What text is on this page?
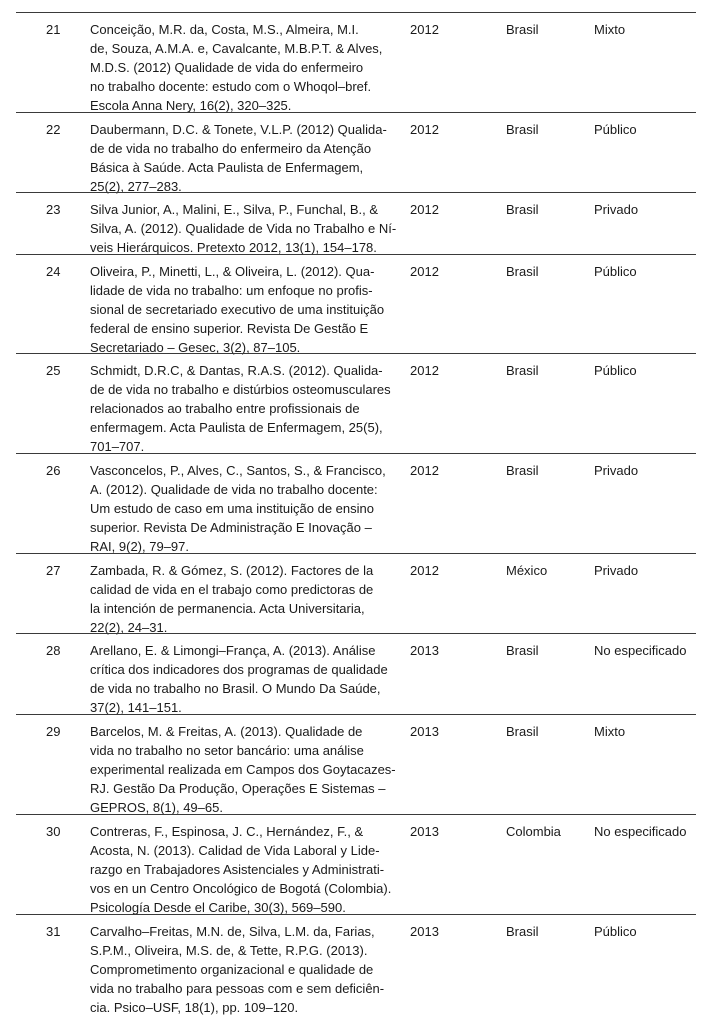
21 Conceição, M.R. da, Costa, M.S., Almeira, M.I.
de, Souza, A.M.A. e, Cavalcante, M.B.P.T. & Alves,
M.D.S. (2012) Qualidade de vida do enfermeiro
no trabalho docente: estudo com o Whoqol–bref.
Escola Anna Nery, 16(2), 320–325.
2012	Brasil	Mixto
22 Daubermann, D.C. & Tonete, V.L.P. (2012) Qualida-
de de vida no trabalho do enfermeiro da Atenção
Básica à Saúde. Acta Paulista de Enfermagem,
25(2), 277–283.
2012	Brasil	Público
23 Silva Junior, A., Malini, E., Silva, P., Funchal, B., &
Silva, A. (2012). Qualidade de Vida no Trabalho e Ní-
veis Hierárquicos. Pretexto 2012, 13(1), 154–178.
2012	Brasil	Privado
24 Oliveira, P., Minetti, L., & Oliveira, L. (2012). Qua-
lidade de vida no trabalho: um enfoque no profis-
sional de secretariado executivo de uma instituição
federal de ensino superior. Revista De Gestão E
Secretariado – Gesec, 3(2), 87–105.
2012	Brasil	Público
25 Schmidt, D.R.C, & Dantas, R.A.S. (2012). Qualida-
de de vida no trabalho e distúrbios osteomusculares
relacionados ao trabalho entre profissionais de
enfermagem. Acta Paulista de Enfermagem, 25(5),
701–707.
2012	Brasil	Público
26 Vasconcelos, P., Alves, C., Santos, S., & Francisco,
A. (2012). Qualidade de vida no trabalho docente:
Um estudo de caso em uma instituição de ensino
superior. Revista De Administração E Inovação –
RAI, 9(2), 79–97.
2012	Brasil	Privado
27 Zambada, R. & Gómez, S. (2012). Factores de la
calidad de vida en el trabajo como predictoras de
la intención de permanencia. Acta Universitaria,
22(2), 24–31.
2012	México	Privado
28 Arellano, E. & Limongi–França, A. (2013). Análise
crítica dos indicadores dos programas de qualidade
de vida no trabalho no Brasil. O Mundo Da Saúde,
37(2), 141–151.
2013	Brasil	No especificado
29 Barcelos, M. & Freitas, A. (2013). Qualidade de
vida no trabalho no setor bancário: uma análise
experimental realizada em Campos dos Goytacazes-
RJ. Gestão Da Produção, Operações E Sistemas –
GEPROS, 8(1), 49–65.
2013	Brasil	Mixto
30 Contreras, F., Espinosa, J. C., Hernández, F., &
Acosta, N. (2013). Calidad de Vida Laboral y Lide-
razgo en Trabajadores Asistenciales y Administrati-
vos en un Centro Oncológico de Bogotá (Colombia).
Psicología Desde el Caribe, 30(3), 569–590.
2013	Colombia	No especificado
31 Carvalho–Freitas, M.N. de, Silva, L.M. da, Farias,
S.P.M., Oliveira, M.S. de, & Tette, R.P.G. (2013).
Comprometimento organizacional e qualidade de
vida no trabalho para pessoas com e sem deficiên-
cia. Psico–USF, 18(1), pp. 109–120.
2013	Brasil	Público
